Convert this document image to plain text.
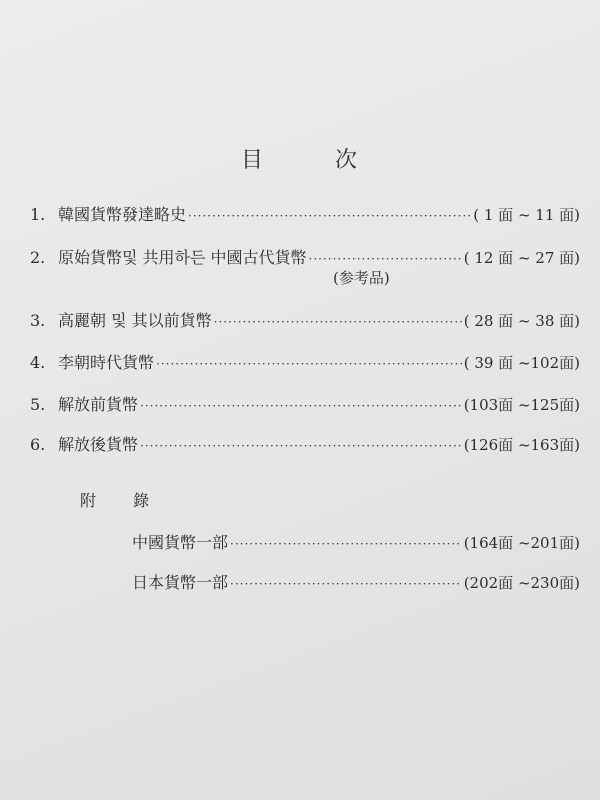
目	次
1. 韓國貨幣發達略史 ·····	( 1 面 ~ 11 面)
2. 原始貨幣및 共用하든 中國古代貨幣 ·····	( 12 面 ~ 27 面)
(参考品)
3. 高麗朝 및 其以前貨幣 ·····	( 28 面 ~ 38 面)
4. 李朝時代貨幣 ·····	( 39 面 ~102面)
5. 解放前貨幣 ·····	(103面 ~125面)
6. 解放後貨幣 ·····	(126面 ~163面)
附 錄
中國貨幣一部 ·····	(164面 ~201面)
日本貨幣一部 ·····	(202面 ~230面)
